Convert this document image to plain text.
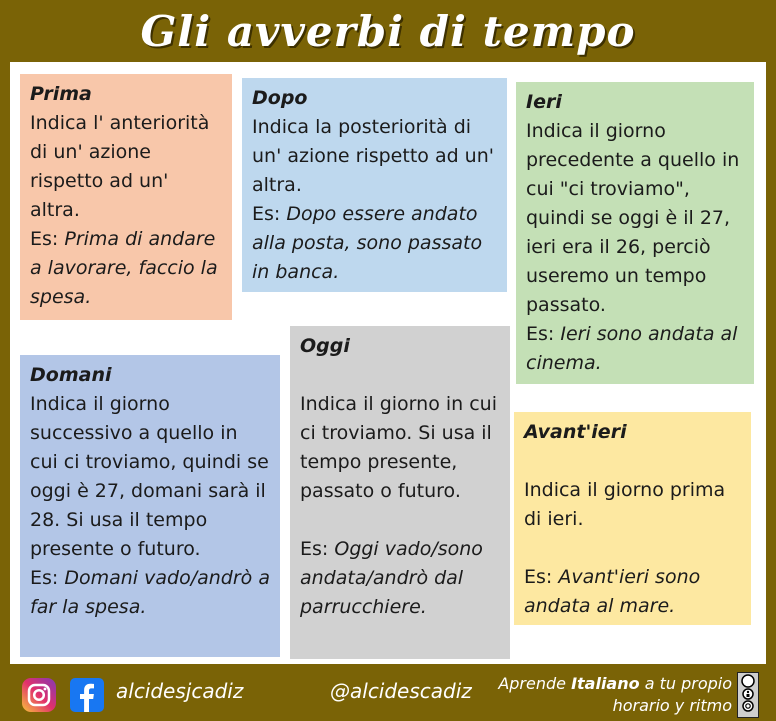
Gli avverbi di tempo
Prima

Indica l' anteriorità di un' azione rispetto ad un' altra.

Es: Prima di andare a lavorare, faccio la spesa.

Dopo

Indica la posteriorità di un' azione rispetto ad un' altra.

Es: Dopo essere andato alla posta, sono passato in banca.

Ieri

Indica il giorno precedente a quello in cui "ci troviamo", quindi se oggi è il 27, ieri era il 26, perciò useremo un tempo passato.

Es: Ieri sono andata al cinema.

Domani

Indica il giorno successivo a quello in cui ci troviamo, quindi se oggi è 27, domani sarà il 28. Si usa il tempo presente o futuro.

Es: Domani vado/andrò a far la spesa.

Oggi

Indica il giorno in cui ci troviamo. Si usa il tempo presente, passato o futuro.

Es: Oggi vado/sono andata/andrò dal parrucchiere.

Avant'ieri

Indica il giorno prima di ieri.

Es: Avant'ieri sono andata al mare.

alcidesjcadiz	@alcidescadiz	Aprende Italiano a tu propio horario y ritmo
